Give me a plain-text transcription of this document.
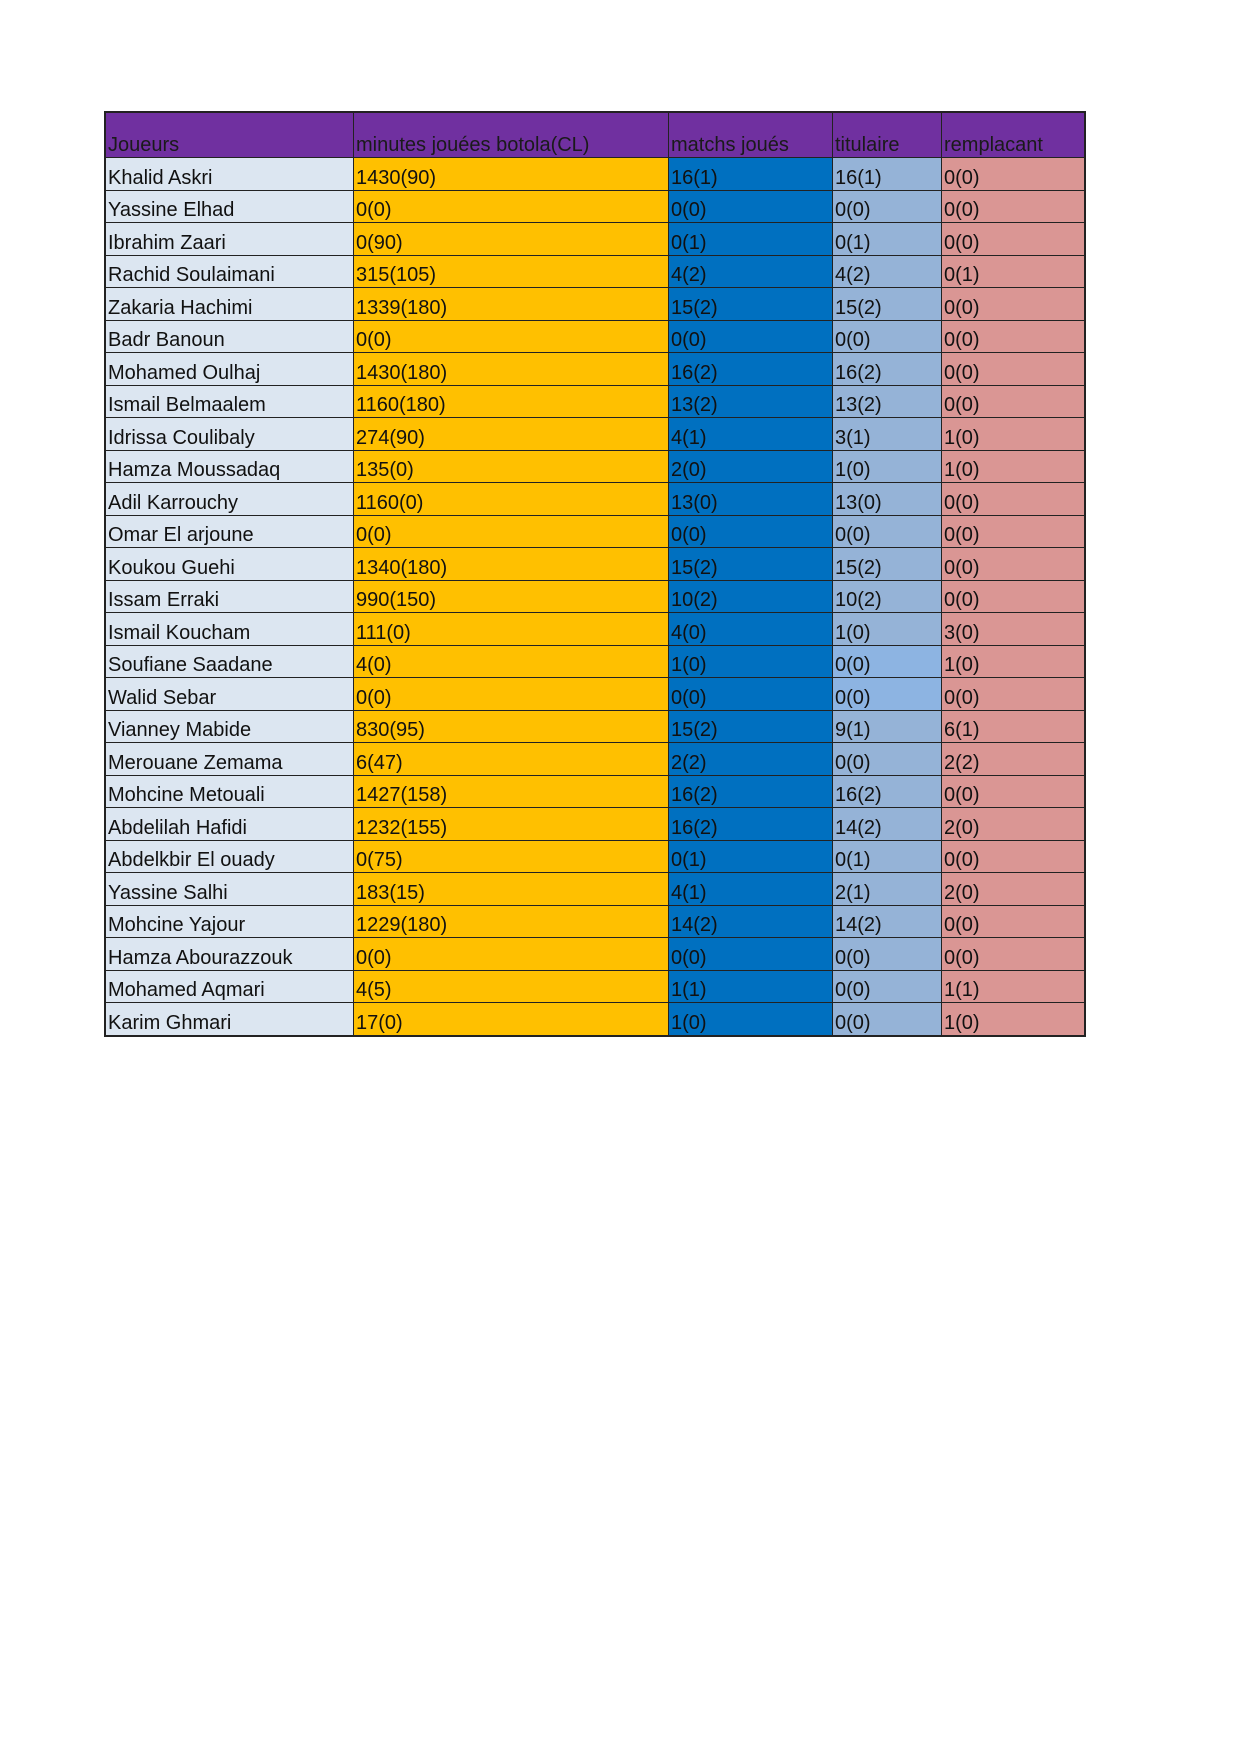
Joueurs	minutes jouées botola(CL)	matchs joués	titulaire	remplacant
Khalid Askri	1430(90)	16(1)	16(1)	0(0)
Yassine Elhad	0(0)	0(0)	0(0)	0(0)
Ibrahim Zaari	0(90)	0(1)	0(1)	0(0)
Rachid Soulaimani	315(105)	4(2)	4(2)	0(1)
Zakaria Hachimi	1339(180)	15(2)	15(2)	0(0)
Badr Banoun	0(0)	0(0)	0(0)	0(0)
Mohamed Oulhaj	1430(180)	16(2)	16(2)	0(0)
Ismail Belmaalem	1160(180)	13(2)	13(2)	0(0)
Idrissa Coulibaly	274(90)	4(1)	3(1)	1(0)
Hamza Moussadaq	135(0)	2(0)	1(0)	1(0)
Adil Karrouchy	1160(0)	13(0)	13(0)	0(0)
Omar El arjoune	0(0)	0(0)	0(0)	0(0)
Koukou Guehi	1340(180)	15(2)	15(2)	0(0)
Issam Erraki	990(150)	10(2)	10(2)	0(0)
Ismail Koucham	111(0)	4(0)	1(0)	3(0)
Soufiane Saadane	4(0)	1(0)	0(0)	1(0)
Walid Sebar	0(0)	0(0)	0(0)	0(0)
Vianney Mabide	830(95)	15(2)	9(1)	6(1)
Merouane Zemama	6(47)	2(2)	0(0)	2(2)
Mohcine Metouali	1427(158)	16(2)	16(2)	0(0)
Abdelilah Hafidi	1232(155)	16(2)	14(2)	2(0)
Abdelkbir El ouady	0(75)	0(1)	0(1)	0(0)
Yassine Salhi	183(15)	4(1)	2(1)	2(0)
Mohcine Yajour	1229(180)	14(2)	14(2)	0(0)
Hamza Abourazzouk	0(0)	0(0)	0(0)	0(0)
Mohamed Aqmari	4(5)	1(1)	0(0)	1(1)
Karim Ghmari	17(0)	1(0)	0(0)	1(0)
